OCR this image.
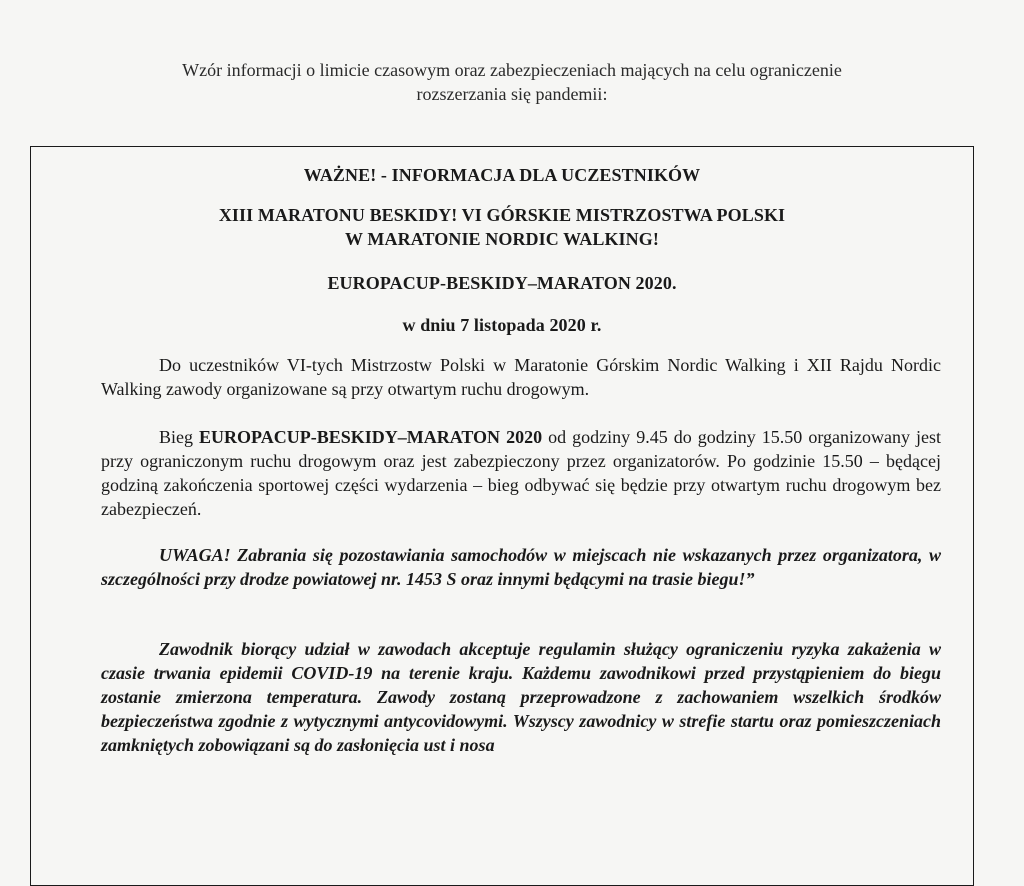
Wzór informacji o limicie czasowym oraz zabezpieczeniach mających na celu ograniczenie
rozszerzania się pandemii:
WAŻNE! - INFORMACJA DLA UCZESTNIKÓW
XIII MARATONU BESKIDY! VI GÓRSKIE MISTRZOSTWA POLSKI
W MARATONIE NORDIC WALKING!
EUROPACUP-BESKIDY–MARATON 2020.
w dniu 7 listopada 2020 r.
Do uczestników VI-tych Mistrzostw Polski w Maratonie Górskim Nordic Walking i XII Rajdu Nordic Walking zawody organizowane są przy otwartym ruchu drogowym.
Bieg EUROPACUP-BESKIDY–MARATON 2020 od godziny 9.45 do godziny 15.50 organizowany jest przy ograniczonym ruchu drogowym oraz jest zabezpieczony przez organizatorów. Po godzinie 15.50 – będącej godziną zakończenia sportowej części wydarzenia – bieg odbywać się będzie przy otwartym ruchu drogowym bez zabezpieczeń.
UWAGA! Zabrania się pozostawiania samochodów w miejscach nie wskazanych przez organizatora, w szczególności przy drodze powiatowej nr. 1453 S oraz innymi będącymi na trasie biegu!”
Zawodnik biorący udział w zawodach akceptuje regulamin służący ograniczeniu ryzyka zakażenia w czasie trwania epidemii COVID-19 na terenie kraju. Każdemu zawodnikowi przed przystąpieniem do biegu zostanie zmierzona temperatura. Zawody zostaną przeprowadzone z zachowaniem wszelkich środków bezpieczeństwa zgodnie z wytycznymi antycovidowymi. Wszyscy zawodnicy w strefie startu oraz pomieszczeniach zamkniętych zobowiązani są do zasłonięcia ust i nosa
